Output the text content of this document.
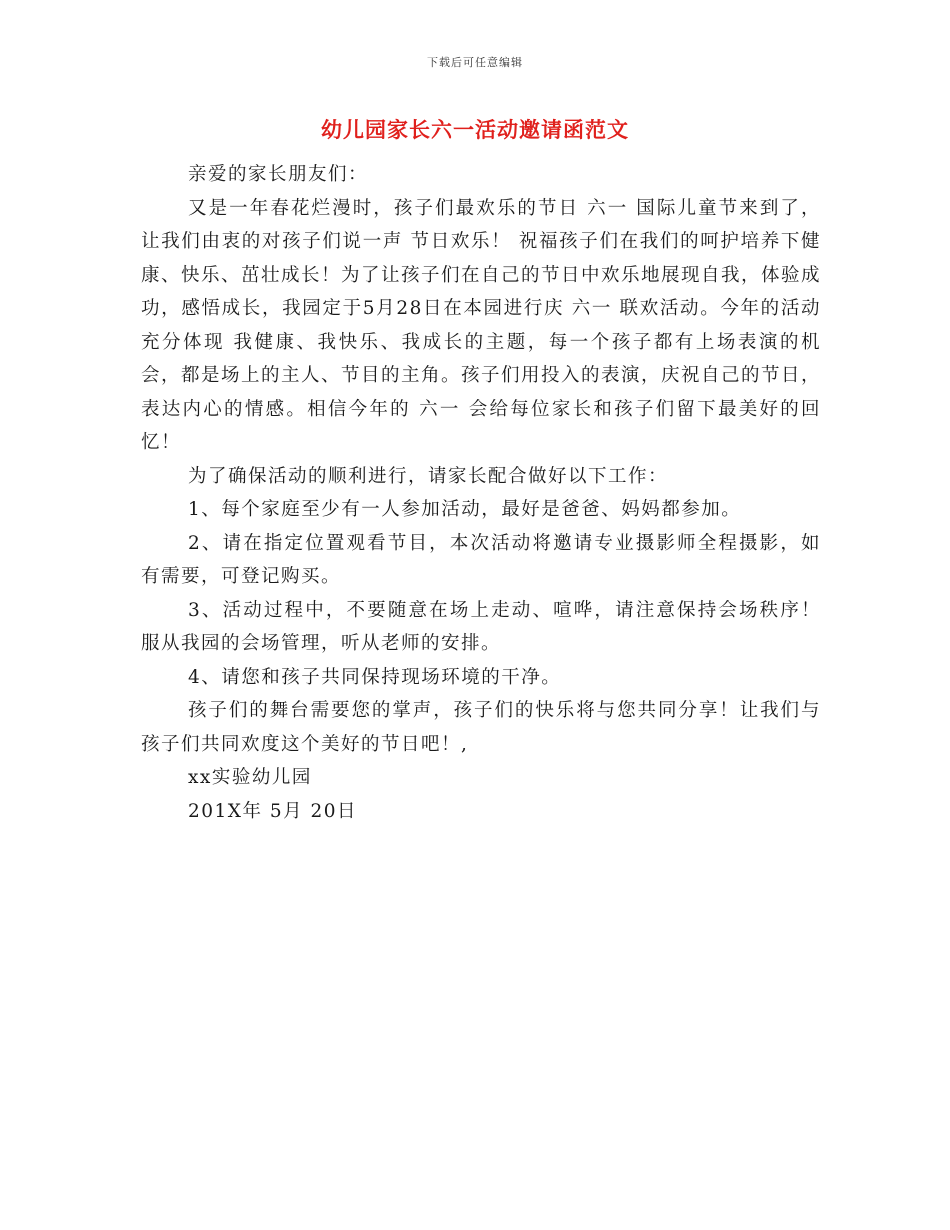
下载后可任意编辑
幼儿园家长六一活动邀请函范文

亲爱的家长朋友们：

又是一年春花烂漫时，孩子们最欢乐的节日 六一 国际儿童节来到了，让我们由衷的对孩子们说一声 节日欢乐！ 祝福孩子们在我们的呵护培养下健康、快乐、茁壮成长！为了让孩子们在自己的节日中欢乐地展现自我，体验成功，感悟成长，我园定于5月28日在本园进行庆 六一 联欢活动。今年的活动充分体现 我健康、我快乐、我成长的主题，每一个孩子都有上场表演的机会，都是场上的主人、节目的主角。孩子们用投入的表演，庆祝自己的节日，表达内心的情感。相信今年的 六一 会给每位家长和孩子们留下最美好的回忆！

为了确保活动的顺利进行，请家长配合做好以下工作：

1、每个家庭至少有一人参加活动，最好是爸爸、妈妈都参加。

2、请在指定位置观看节目，本次活动将邀请专业摄影师全程摄影，如有需要，可登记购买。

3、活动过程中，不要随意在场上走动、喧哗，请注意保持会场秩序！服从我园的会场管理，听从老师的安排。

4、请您和孩子共同保持现场环境的干净。

孩子们的舞台需要您的掌声，孩子们的快乐将与您共同分享！让我们与孩子们共同欢度这个美好的节日吧！,

xx实验幼儿园

201X年 5月 20日
